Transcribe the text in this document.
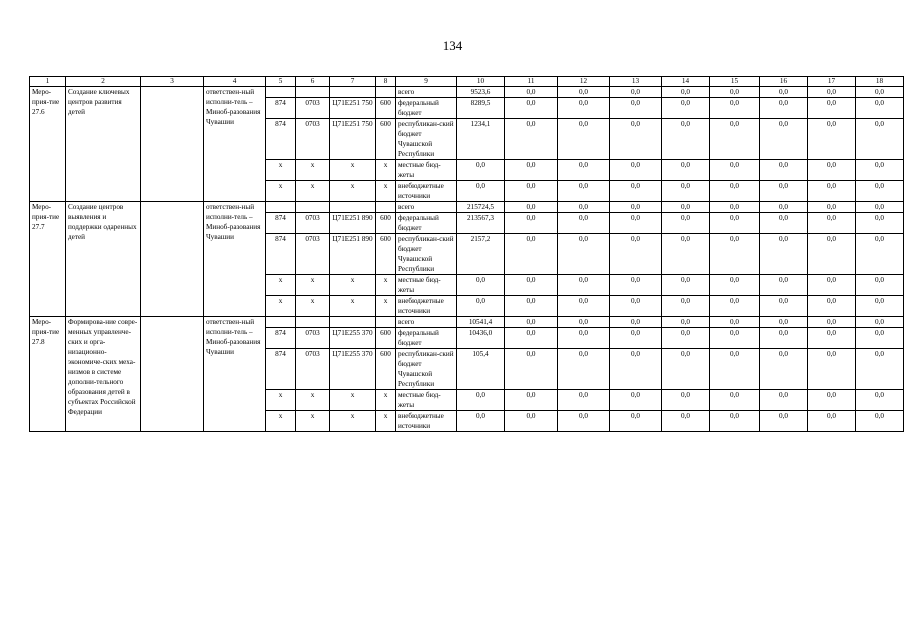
134
1	2	3	4	5	6	7	8	9	10	11	12	13	14	15	16	17	18
Меро-прия-тие 27.6	Создание ключевых центров развития детей		ответствен-ный исполни-тель – Миноб-разования Чувашии					всего	9523,6	0,0	0,0	0,0	0,0	0,0	0,0	0,0	0,0
				874	0703	Ц71Е251 750	600	федеральный бюджет	8289,5	0,0	0,0	0,0	0,0	0,0	0,0	0,0	0,0
				874	0703	Ц71Е251 750	600	республикан-ский бюджет Чувашской Республики	1234,1	0,0	0,0	0,0	0,0	0,0	0,0	0,0	0,0
				х	х	х	х	местные бюд-жеты	0,0	0,0	0,0	0,0	0,0	0,0	0,0	0,0	0,0
				х	х	х	х	внебюджетные источники	0,0	0,0	0,0	0,0	0,0	0,0	0,0	0,0	0,0
Меро-прия-тие 27.7	Создание центров выявления и поддержки одаренных детей		ответствен-ный исполни-тель – Миноб-разования Чувашии					всего	215724,5	0,0	0,0	0,0	0,0	0,0	0,0	0,0	0,0
				874	0703	Ц71Е251 890	600	федеральный бюджет	213567,3	0,0	0,0	0,0	0,0	0,0	0,0	0,0	0,0
				874	0703	Ц71Е251 890	600	республикан-ский бюджет Чувашской Республики	2157,2	0,0	0,0	0,0	0,0	0,0	0,0	0,0	0,0
				х	х	х	х	местные бюд-жеты	0,0	0,0	0,0	0,0	0,0	0,0	0,0	0,0	0,0
				х	х	х	х	внебюджетные источники	0,0	0,0	0,0	0,0	0,0	0,0	0,0	0,0	0,0
Меро-прия-тие 27.8	Формирова-ние совре-менных управленче-ских и орга-низационно-экономиче-ских меха-низмов в системе дополни-тельного образования детей в субъектах Российской Федерации		ответствен-ный исполни-тель – Миноб-разования Чувашии					всего	10541,4	0,0	0,0	0,0	0,0	0,0	0,0	0,0	0,0
				874	0703	Ц71Е255 370	600	федеральный бюджет	10436,0	0,0	0,0	0,0	0,0	0,0	0,0	0,0	0,0
				874	0703	Ц71Е255 370	600	республикан-ский бюджет Чувашской Республики	105,4	0,0	0,0	0,0	0,0	0,0	0,0	0,0	0,0
				х	х	х	х	местные бюд-жеты	0,0	0,0	0,0	0,0	0,0	0,0	0,0	0,0	0,0
				х	х	х	х	внебюджетные источники	0,0	0,0	0,0	0,0	0,0	0,0	0,0	0,0	0,0
